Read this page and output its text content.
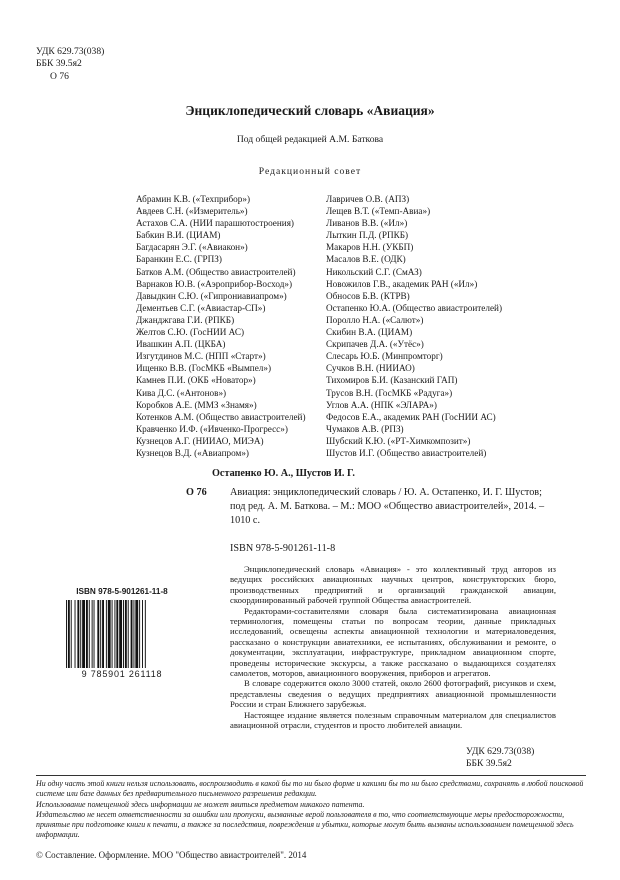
УДК 629.73(038)
ББК 39.5я2
О 76
Энциклопедический словарь «Авиация»
Под общей редакцией А.М. Баткова
Редакционный совет
Абрамин К.В. («Техприбор»)
Авдеев С.Н. («Измеритель»)
Астахов С.А. (НИИ парашютостроения)
Бабкин В.И. (ЦИАМ)
Багдасарян Э.Г. («Авиакон»)
Баранкин Е.С. (ГРПЗ)
Батков А.М. (Общество авиастроителей)
Варнаков Ю.В. («Аэроприбор-Восход»)
Давыдкин С.Ю. («Гипрониавиапром»)
Дементьев С.Г. («Авиастар-СП»)
Джанджгава Г.И. (РПКБ)
Желтов С.Ю. (ГосНИИ АС)
Ивашкин А.П. (ЦКБА)
Изгутдинов М.С. (НПП «Старт»)
Ищенко В.В. (ГосМКБ «Вымпел»)
Камнев П.И. (ОКБ «Новатор»)
Кива Д.С. («Антонов»)
Коробков А.Е. (ММЗ «Знамя»)
Котенков А.М. (Общество авиастроителей)
Кравченко И.Ф. («Ивченко-Прогресс»)
Кузнецов А.Г. (НИИАО, МИЭА)
Кузнецов В.Д. («Авиапром»)
Лавричев О.В. (АПЗ)
Лещев В.Т. («Темп-Авиа»)
Ливанов В.В. («Ил»)
Лыткин П.Д. (РПКБ)
Макаров Н.Н. (УКБП)
Масалов В.Е. (ОДК)
Никольский С.Г. (СмАЗ)
Новожилов Г.В., академик РАН («Ил»)
Обносов Б.В. (КТРВ)
Остапенко Ю.А. (Общество авиастроителей)
Поролло Н.А. («Салют»)
Скибин В.А. (ЦИАМ)
Скрипачев Д.А. («Утёс»)
Слесарь Ю.Б. (Минпромторг)
Сучков В.Н. (НИИАО)
Тихомиров Б.И. (Казанский ГАП)
Трусов В.Н. (ГосМКБ «Радуга»)
Углов А.А. (НПК «ЭЛАРА»)
Федосов Е.А., академик РАН (ГосНИИ АС)
Чумаков А.В. (РПЗ)
Шубский К.Ю. («РТ-Химкомпозит»)
Шустов И.Г. (Общество авиастроителей)
Остапенко Ю. А., Шустов И. Г.
О 76 Авиация: энциклопедический словарь / Ю. А. Остапенко, И. Г. Шустов;
под ред. А. М. Баткова. – М.: МОО «Общество авиастроителей», 2014. –
1010 с.
ISBN 978-5-901261-11-8
ISBN 978-5-901261-11-8
9 785901 261118

Энциклопедический словарь «Авиация» - это коллективный труд авторов из ведущих российских авиационных научных центров, конструкторских бюро, производственных предприятий и организаций гражданской авиации, скоординированный рабочей группой Общества авиастроителей.

Редакторами-составителями словаря была систематизирована авиационная терминология, помещены статьи по вопросам теории, данные прикладных исследований, освещены аспекты авиационной технологии и материаловедения, рассказано о конструкции авиатехники, ее испытаниях, обслуживании и ремонте, о документации, эксплуатации, инфраструктуре, прикладном авиационном спорте, проведены исторические экскурсы, а также рассказано о выдающихся создателях самолетов, моторов, авиационного вооружения, приборов и агрегатов.

В словаре содержится около 3000 статей, около 2600 фотографий, рисунков и схем, представлены сведения о ведущих предприятиях авиационной промышленности России и стран Ближнего зарубежья.

Настоящее издание является полезным справочным материалом для специалистов авиационной отрасли, студентов и просто любителей авиации.

УДК 629.73(038)
ББК 39.5я2

Ни одну часть этой книги нельзя использовать, воспроизводить в какой бы то ни было форме и какими бы то ни было средствами, сохранять в любой поисковой системе или базе данных без предварительного письменного разрешения редакции.

Использование помещенной здесь информации не может явиться предметом никакого патента.

Издательство не несет ответственности за ошибки или пропуски, вызванные верой пользователя в то, что соответствующие меры предосторожности, принятые при подготовке книги к печати, а также за последствия, повреждения и убытки, которые могут быть вызваны использованием помещенной здесь информации.

© Составление. Оформление. МОО "Общество авиастроителей". 2014
